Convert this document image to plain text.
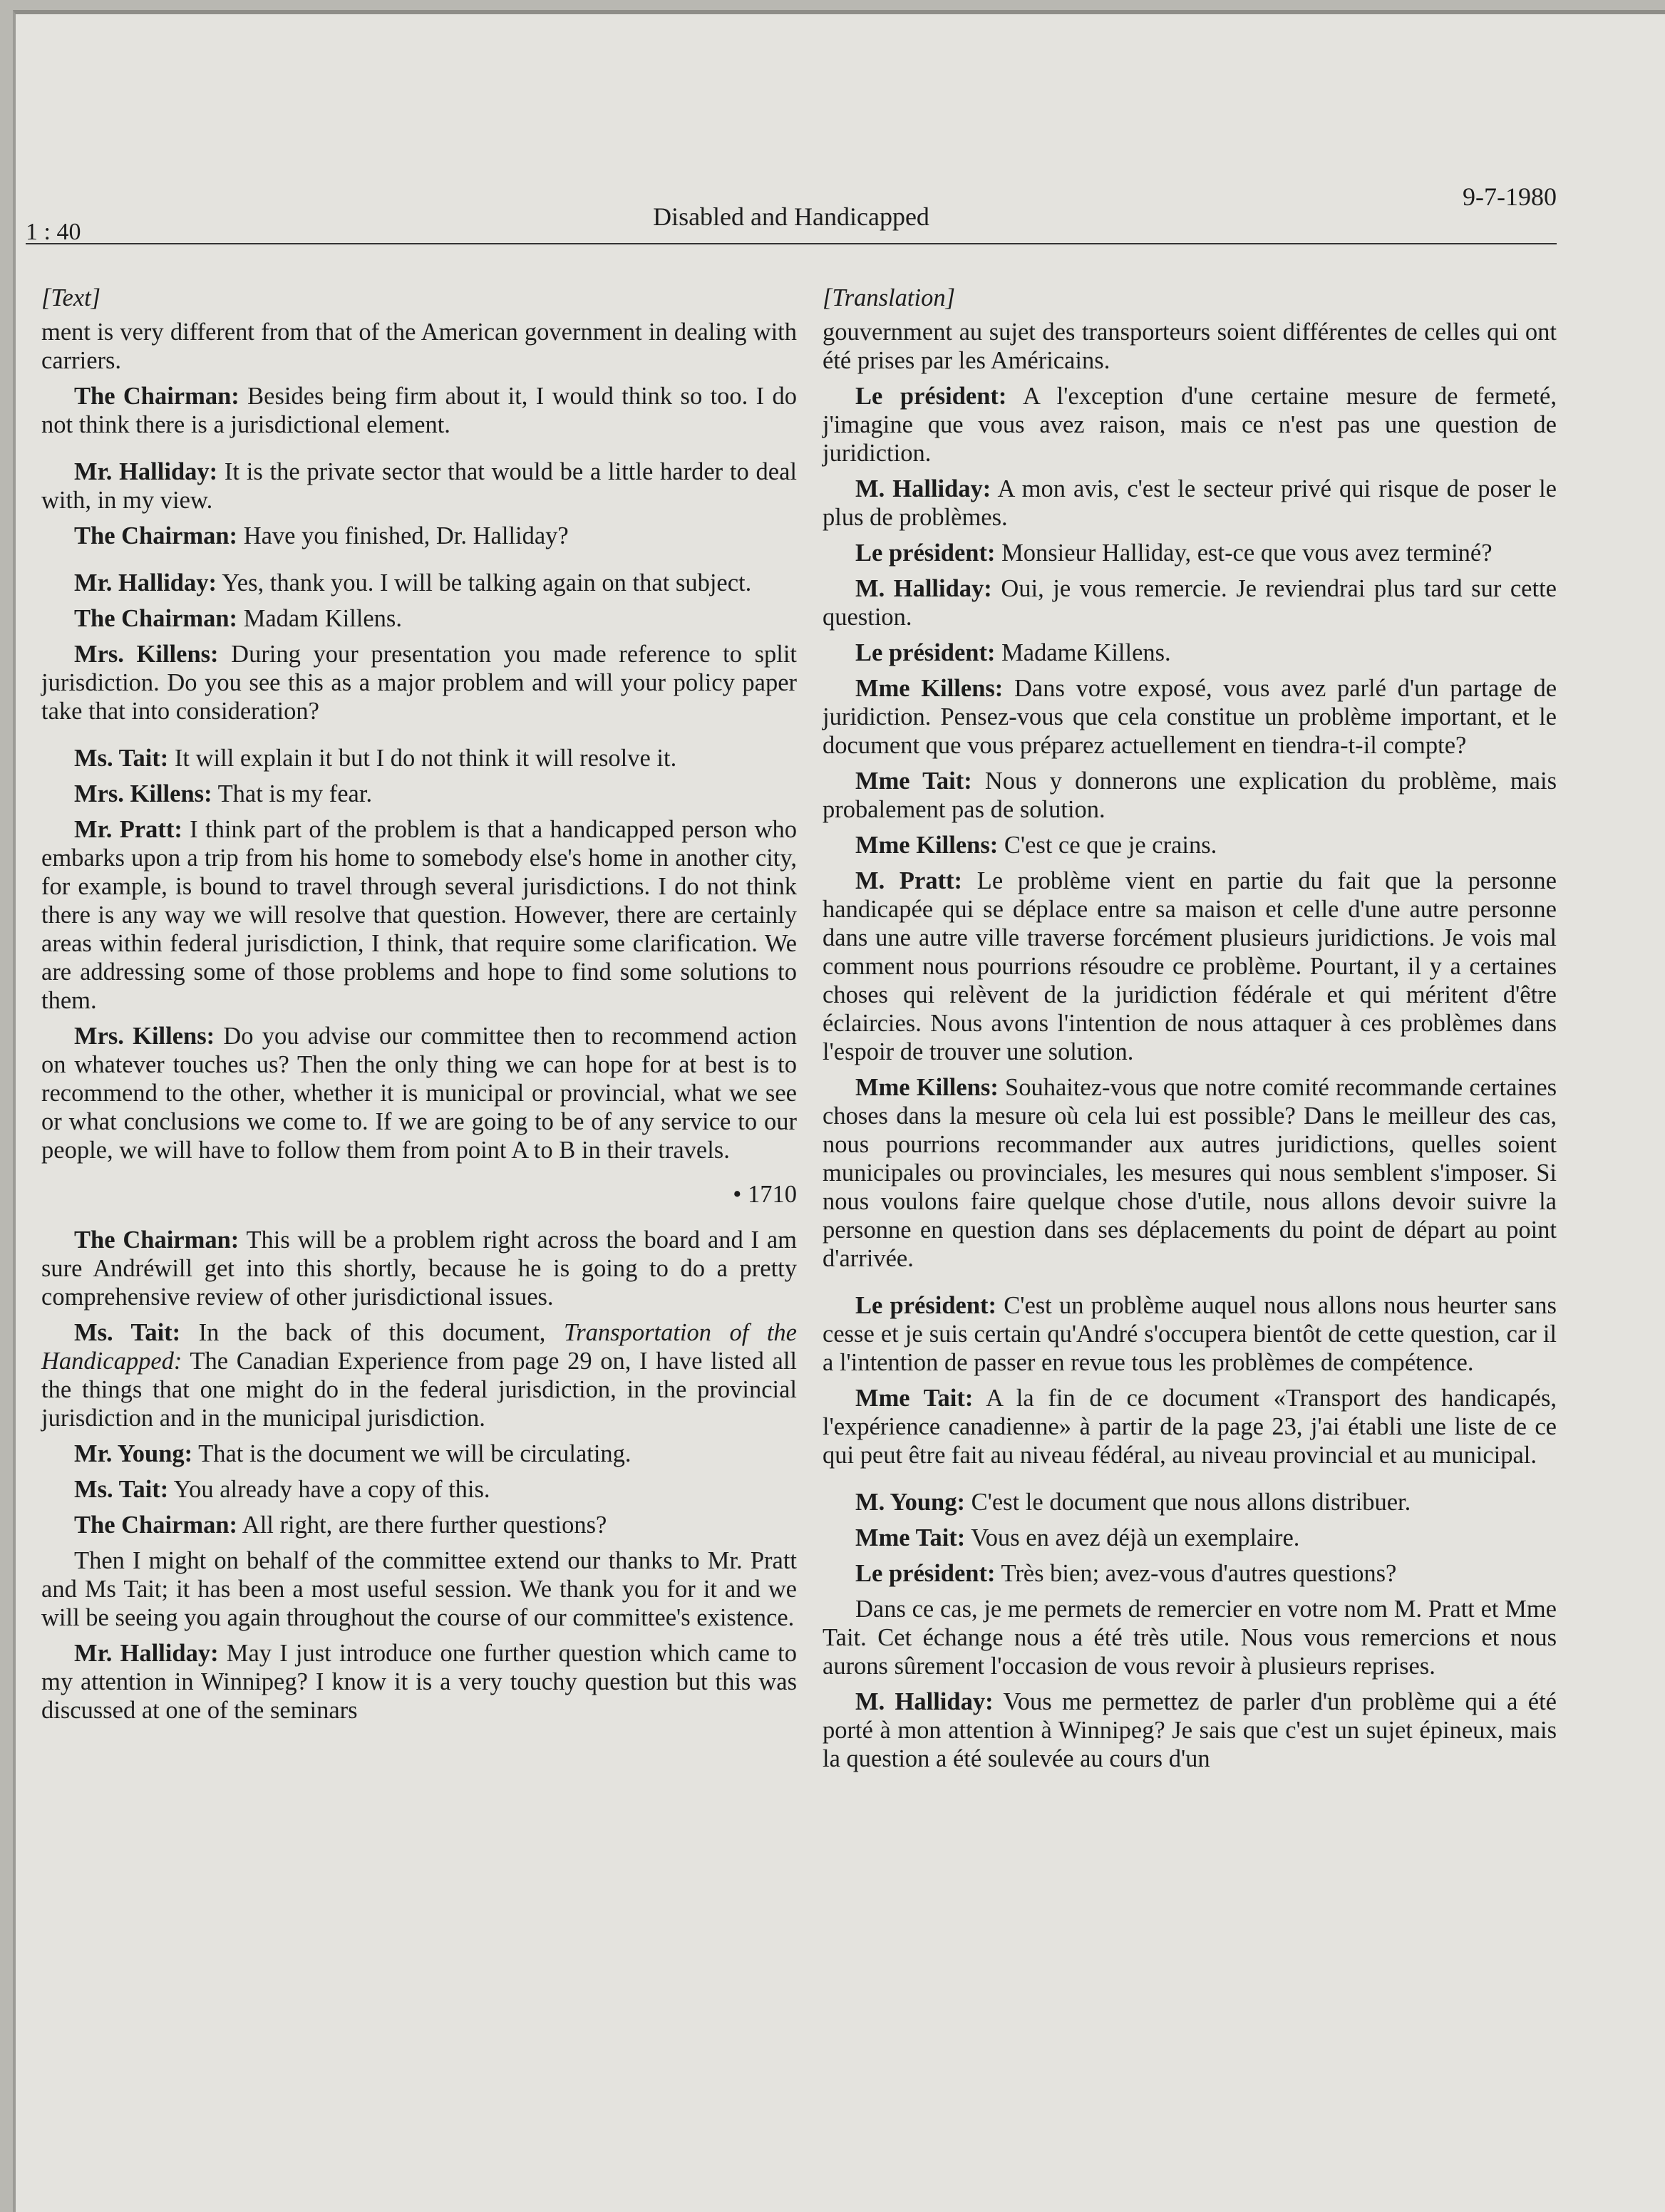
1 : 40
Disabled and Handicapped
9-7-1980
[Text]

ment is very different from that of the American government in dealing with carriers.

The Chairman: Besides being firm about it, I would think so too. I do not think there is a jurisdictional element.

Mr. Halliday: It is the private sector that would be a little harder to deal with, in my view.

The Chairman: Have you finished, Dr. Halliday?

Mr. Halliday: Yes, thank you. I will be talking again on that subject.

The Chairman: Madam Killens.

Mrs. Killens: During your presentation you made reference to split jurisdiction. Do you see this as a major problem and will your policy paper take that into consideration?

Ms. Tait: It will explain it but I do not think it will resolve it.

Mrs. Killens: That is my fear.

Mr. Pratt: I think part of the problem is that a handicapped person who embarks upon a trip from his home to somebody else's home in another city, for example, is bound to travel through several jurisdictions. I do not think there is any way we will resolve that question. However, there are certainly areas within federal jurisdiction, I think, that require some clarification. We are addressing some of those problems and hope to find some solutions to them.

Mrs. Killens: Do you advise our committee then to recommend action on whatever touches us? Then the only thing we can hope for at best is to recommend to the other, whether it is municipal or provincial, what we see or what conclusions we come to. If we are going to be of any service to our people, we will have to follow them from point A to B in their travels.

• 1710

The Chairman: This will be a problem right across the board and I am sure Andréwill get into this shortly, because he is going to do a pretty comprehensive review of other jurisdictional issues.

Ms. Tait: In the back of this document, Transportation of the Handicapped: The Canadian Experience from page 29 on, I have listed all the things that one might do in the federal jurisdiction, in the provincial jurisdiction and in the municipal jurisdiction.

Mr. Young: That is the document we will be circulating.

Ms. Tait: You already have a copy of this.

The Chairman: All right, are there further questions?

Then I might on behalf of the committee extend our thanks to Mr. Pratt and Ms Tait; it has been a most useful session. We thank you for it and we will be seeing you again throughout the course of our committee's existence.

Mr. Halliday: May I just introduce one further question which came to my attention in Winnipeg? I know it is a very touchy question but this was discussed at one of the seminars

[Translation]

gouvernment au sujet des transporteurs soient différentes de celles qui ont été prises par les Américains.

Le président: A l'exception d'une certaine mesure de fermeté, j'imagine que vous avez raison, mais ce n'est pas une question de juridiction.

M. Halliday: A mon avis, c'est le secteur privé qui risque de poser le plus de problèmes.

Le président: Monsieur Halliday, est-ce que vous avez terminé?

M. Halliday: Oui, je vous remercie. Je reviendrai plus tard sur cette question.

Le président: Madame Killens.

Mme Killens: Dans votre exposé, vous avez parlé d'un partage de juridiction. Pensez-vous que cela constitue un problème important, et le document que vous préparez actuellement en tiendra-t-il compte?

Mme Tait: Nous y donnerons une explication du problème, mais probalement pas de solution.

Mme Killens: C'est ce que je crains.

M. Pratt: Le problème vient en partie du fait que la personne handicapée qui se déplace entre sa maison et celle d'une autre personne dans une autre ville traverse forcément plusieurs juridictions. Je vois mal comment nous pourrions résoudre ce problème. Pourtant, il y a certaines choses qui relèvent de la juridiction fédérale et qui méritent d'être éclaircies. Nous avons l'intention de nous attaquer à ces problèmes dans l'espoir de trouver une solution.

Mme Killens: Souhaitez-vous que notre comité recommande certaines choses dans la mesure où cela lui est possible? Dans le meilleur des cas, nous pourrions recommander aux autres juridictions, quelles soient municipales ou provinciales, les mesures qui nous semblent s'imposer. Si nous voulons faire quelque chose d'utile, nous allons devoir suivre la personne en question dans ses déplacements du point de départ au point d'arrivée.

Le président: C'est un problème auquel nous allons nous heurter sans cesse et je suis certain qu'André s'occupera bientôt de cette question, car il a l'intention de passer en revue tous les problèmes de compétence.

Mme Tait: A la fin de ce document «Transport des handicapés, l'expérience canadienne» à partir de la page 23, j'ai établi une liste de ce qui peut être fait au niveau fédéral, au niveau provincial et au municipal.

M. Young: C'est le document que nous allons distribuer.

Mme Tait: Vous en avez déjà un exemplaire.

Le président: Très bien; avez-vous d'autres questions?

Dans ce cas, je me permets de remercier en votre nom M. Pratt et Mme Tait. Cet échange nous a été très utile. Nous vous remercions et nous aurons sûrement l'occasion de vous revoir à plusieurs reprises.

M. Halliday: Vous me permettez de parler d'un problème qui a été porté à mon attention à Winnipeg? Je sais que c'est un sujet épineux, mais la question a été soulevée au cours d'un
